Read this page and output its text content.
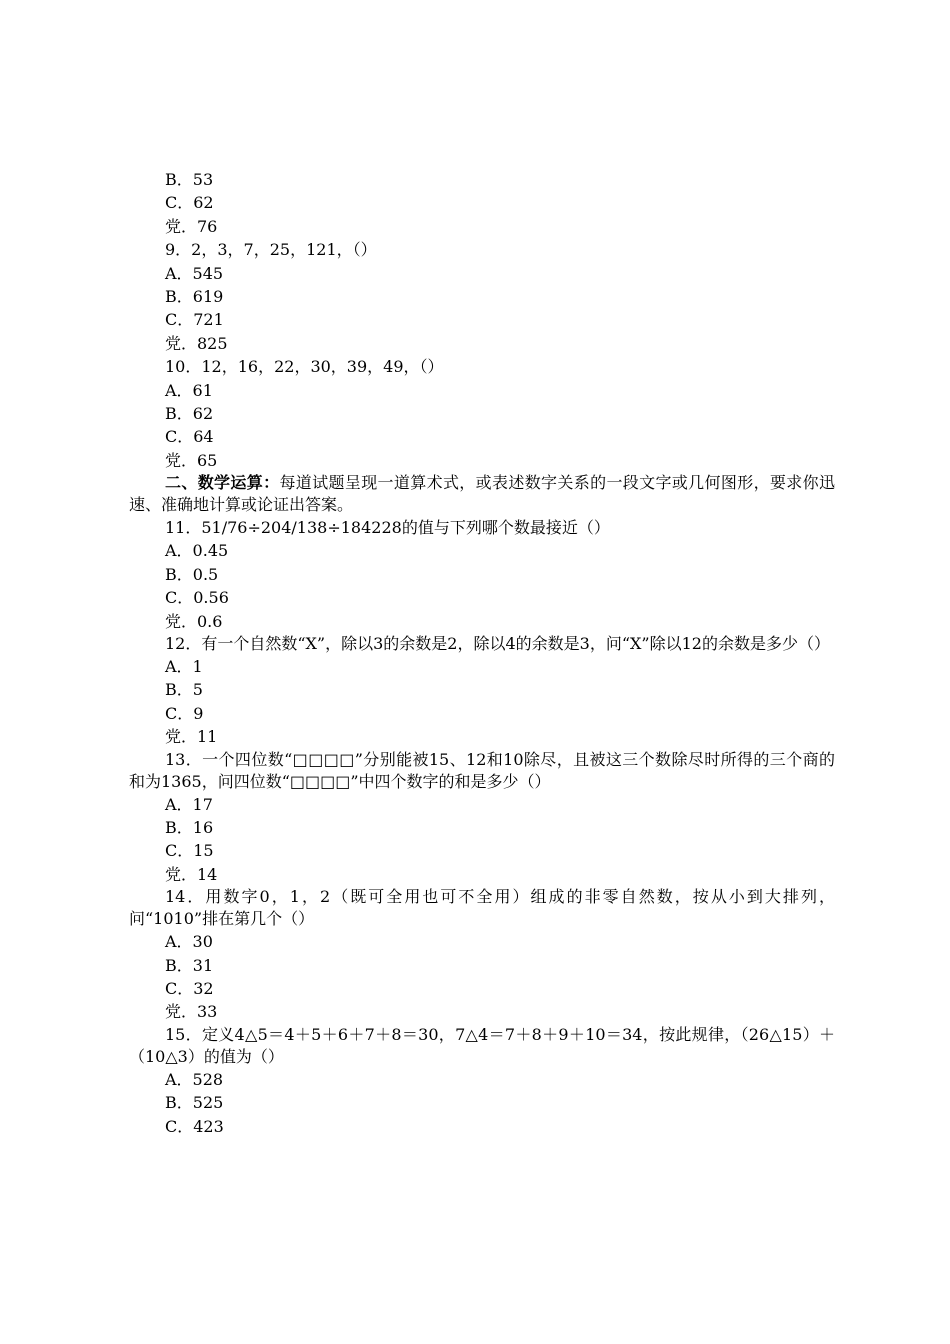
B．53
C．62
党．76
9．2，3，7，25，121，（）
A．545
B．619
C．721
党．825
10．12，16，22，30，39，49，（）
A．61
B．62
C．64
党．65
二、数学运算：每道试题呈现一道算术式，或表述数字关系的一段文字或几何图形，要求你迅速、准确地计算或论证出答案。
11．51/76÷204/138÷184228的值与下列哪个数最接近（）
A．0.45
B．0.5
C．0.56
党．0.6
12．有一个自然数“X”，除以3的余数是2，除以4的余数是3，问“X”除以12的余数是多少（）
A．1
B．5
C．9
党．11
13．一个四位数“□□□□”分别能被15、12和10除尽，且被这三个数除尽时所得的三个商的和为1365，问四位数“□□□□”中四个数字的和是多少（）
A．17
B．16
C．15
党．14
14．用数字0，1，2（既可全用也可不全用）组成的非零自然数，按从小到大排列，问“1010”排在第几个（）
A．30
B．31
C．32
党．33
15．定义4△5＝4＋5＋6＋7＋8＝30，7△4＝7＋8＋9＋10＝34，按此规律，（26△15）＋（10△3）的值为（）
A．528
B．525
C．423
